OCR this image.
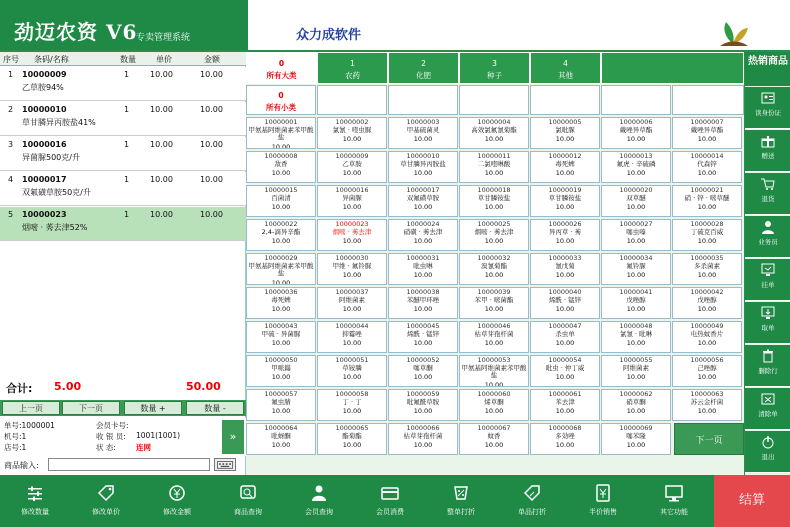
劲迈农资 V6
专卖管理系统	众力成软件
序号 条码/名称	数量	单价	金额
1 10000009
乙草胺94%
1	10.00	10.00
2 10000010
草甘膦异丙胺盐41%
1	10.00	10.00
3 10000016
异菌脲500克/升
1	10.00	10.00
4 10000017
双氟磺草胺50克/升
1	10.00	10.00
5 10000023
烟嘧 · 莠去津52%
1	10.00	10.00
合计: 5.00	50.00
上一页	下一页	数量 +	数量 -
单号:1000001
机号:1
店号:1
会员卡号:
收 银 员: 1001(1001)
状 态:	连网
»
商品输入:
0
所有大类
1
农药
2
化肥
3
种子
4
其他
0
所有小类
10000001
甲氨基阿维菌素苯甲酸盐
10.00
10000002
氯氰 · 喹虫脲
10.00
10000003
甲基硫菌灵
10.00
10000004
高效氯氟氰菊酯
10.00
10000005
氯吡脲
10.00
10000006
戴唑异草酯
10.00
10000007
戴唑异草酯
10.00
10000008
敌香
10.00
10000009
乙草胺
10.00
10000010
草甘膦异丙胺盐
10.00
10000011
二氯喹啉酸
10.00
10000012
毒死蜱
10.00
10000013
氟虎 · 辛硫磷
10.00
10000014
代森锌
10.00
10000015
百菌清
10.00
10000016
异菌脲
10.00
10000017
双氟磺草胺
10.00
10000018
草甘膦铵盐
10.00
10000019
草甘膦铵盐
10.00
10000020
双草醚
10.00
10000021
硝 · 锌 · 嘧草醚
10.00
10000022
2,4-滴异辛酯
10.00
10000023
烟嘧 · 莠去津
10.00
10000024
硝磺 · 莠去津
10.00
10000025
烟嘧 · 莠去津
10.00
10000026
异丙草 · 莠
10.00
10000027
噻虫嗪
10.00
10000028
丁硫克百威
10.00
10000029
甲氨基阿维菌素苯甲酸盐
10.00
10000030
甲维 · 氟铃脲
10.00
10000031
吡虫啉
10.00
10000032
溴氰菊酯
10.00
10000033
氰戊菊
10.00
10000034
氟铃脲
10.00
10000035
多杀菌素
10.00
10000036
毒死蜱
10.00
10000037
阿维菌素
10.00
10000038
苯醚甲环唑
10.00
10000039
苯甲 · 嘧菌酯
10.00
10000040
烯酰 · 锰锌
10.00
10000041
戊唑醇
10.00
10000042
戊唑醇
10.00
10000043
甲硫 · 异菌脲
10.00
10000044
抑霉唑
10.00
10000045
烯酰 · 锰锌
10.00
10000046
枯草芽孢杆菌
10.00
10000047
杀虫单
10.00
10000048
氯氰 · 吡啉
10.00
10000049
电热蚊香片
10.00
10000050
甲哌鎓
10.00
10000051
草铵膦
10.00
10000052
噻草酮
10.00
10000053
甲氨基阿维菌素苯甲酸盐
10.00
10000054
吡虫 · 仲丁威
10.00
10000055
阿维菌素
10.00
10000056
己唑醇
10.00
10000057
氟虫腈
10.00
10000058
丁 · 丁
10.00
10000059
吡氟酰草胺
10.00
10000060
烯草酮
10.00
10000061
苯去津
10.00
10000062
硝草酮
10.00
10000063
苏云金杆菌
10.00
10000064
吡蚜酮
10.00
10000065
酯菊酯
10.00
10000066
枯草芽孢杆菌
10.00
10000067
蚊香
10.00
10000068
多効唑
10.00
10000069
噻苯隆
10.00
下一页
热销商品
读身份证
赠送
退货
业务员
挂单
取单
删除行
清除单
退出
修改数量	修改单价	修改金额	商品查询	会员查询	会员消费	整单打折	单品打折	半价销售	其它功能
结算
